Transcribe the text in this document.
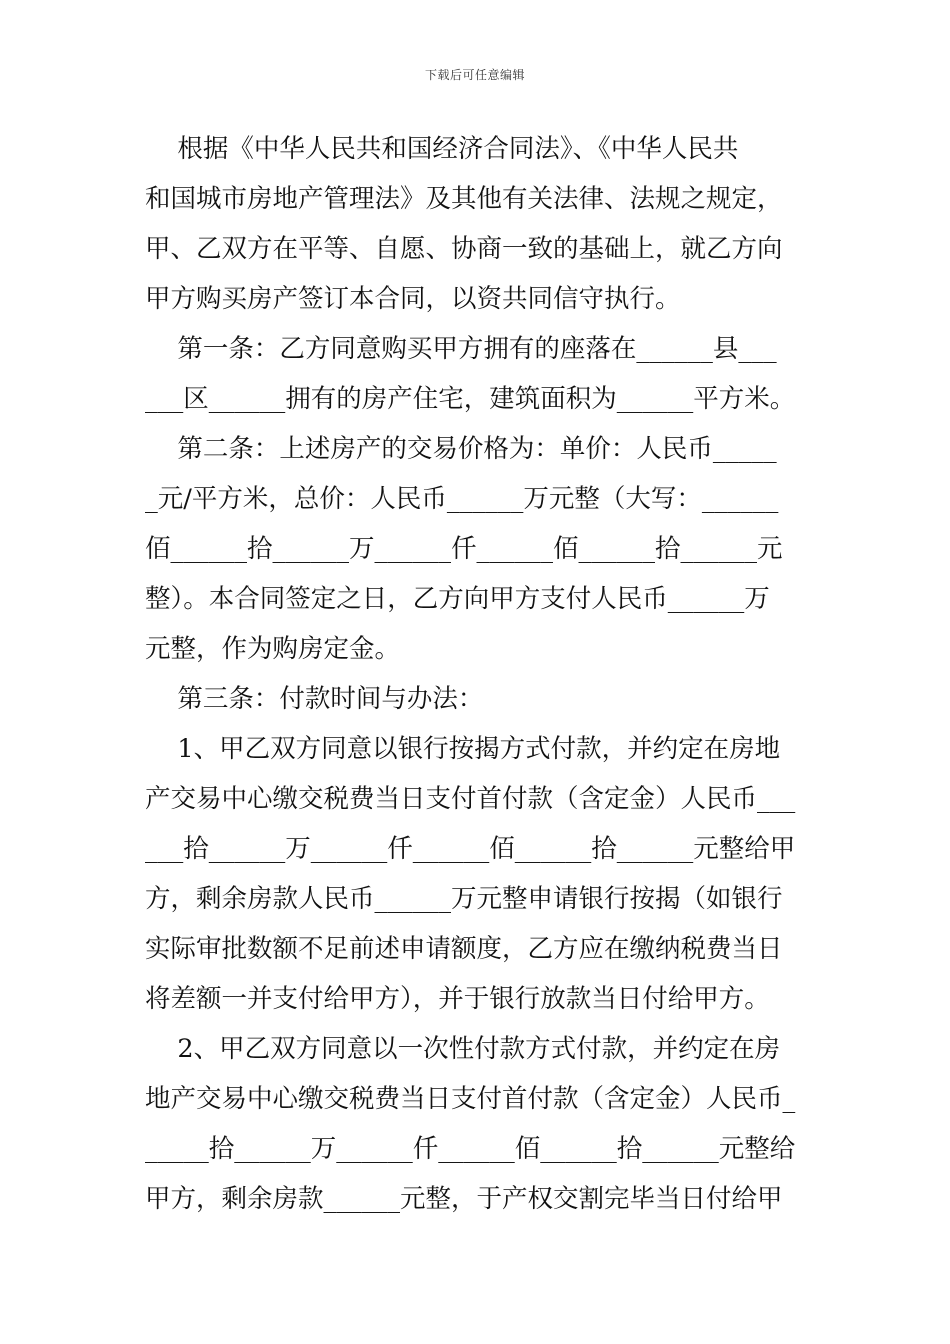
下载后可任意编辑
根据《中华人民共和国经济合同法》、《中华人民共
和国城市房地产管理法》及其他有关法律、法规之规定，
甲、乙双方在平等、自愿、协商一致的基础上，就乙方向
甲方购买房产签订本合同，以资共同信守执行。
第一条：乙方同意购买甲方拥有的座落在______县___
___区______拥有的房产住宅，建筑面积为______平方米。
第二条：上述房产的交易价格为：单价：人民币_____
_元/平方米，总价：人民币______万元整（大写：______
佰______拾______万______仟______佰______拾______元
整）。本合同签定之日，乙方向甲方支付人民币______万
元整，作为购房定金。
第三条：付款时间与办法：
1、甲乙双方同意以银行按揭方式付款，并约定在房地
产交易中心缴交税费当日支付首付款（含定金）人民币___
___拾______万______仟______佰______拾______元整给甲
方，剩余房款人民币______万元整申请银行按揭（如银行
实际审批数额不足前述申请额度，乙方应在缴纳税费当日
将差额一并支付给甲方），并于银行放款当日付给甲方。
2、甲乙双方同意以一次性付款方式付款，并约定在房
地产交易中心缴交税费当日支付首付款（含定金）人民币_
_____拾______万______仟______佰______拾______元整给
甲方，剩余房款______元整，于产权交割完毕当日付给甲
